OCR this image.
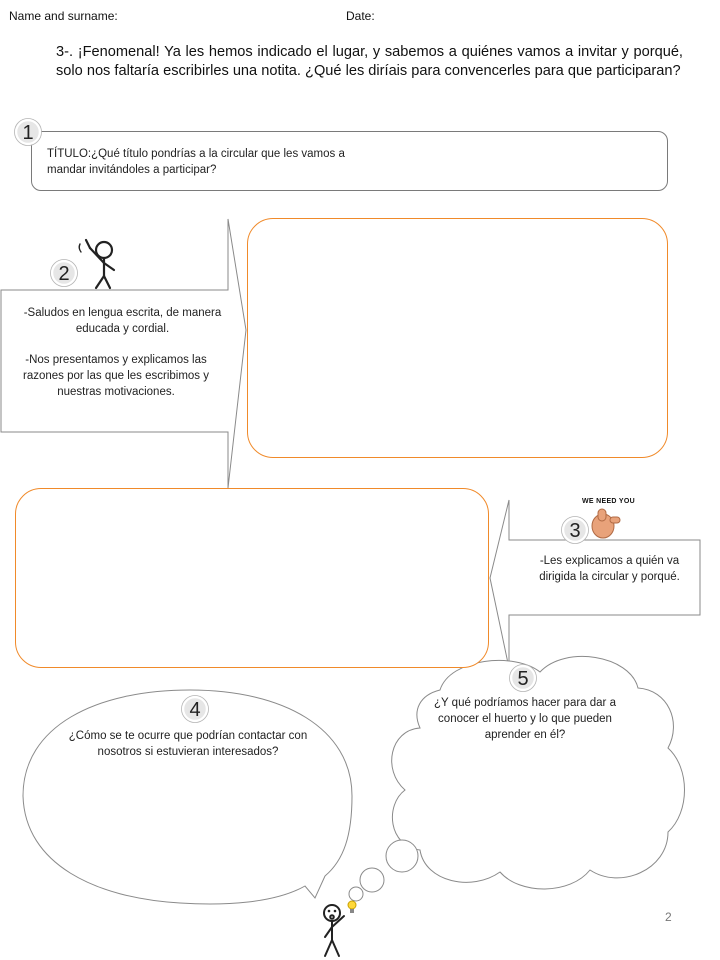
Name and surname:	Date:

3-. ¡Fenomenal! Ya les hemos indicado el lugar, y sabemos a quiénes vamos a invitar y porqué, solo nos faltaría escribirles una notita. ¿Qué les diríais para convencerles para que participaran?

TÍTULO:¿Qué título pondrías a la circular que les vamos a mandar invitándoles a participar?

-Saludos en lengua escrita, de manera educada y cordial.

-Nos presentamos y explicamos las razones por las que les escribimos y nuestras motivaciones.

-Les explicamos a quién va dirigida la circular y porqué.

¿Cómo se te ocurre que podrían contactar con nosotros si estuvieran interesados?

¿Y qué podríamos hacer para dar a conocer el huerto y lo que pueden aprender en él?

WE NEED YOU
1
2
3
4
5
2
